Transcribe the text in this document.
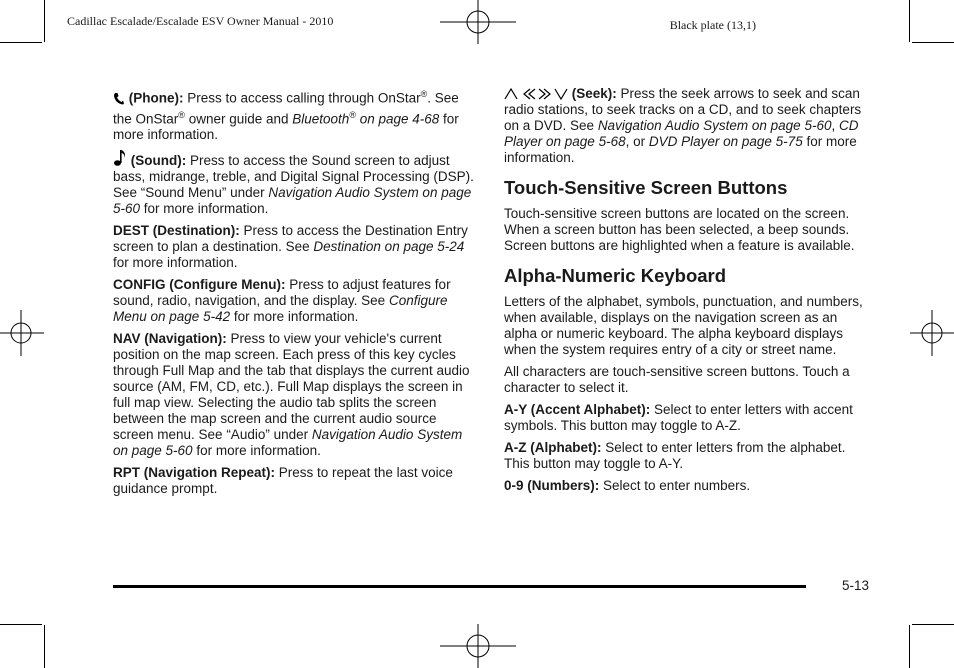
Cadillac Escalade/Escalade ESV Owner Manual - 2010	Black plate (13,1)

(Phone): Press to access calling through OnStar®. See the OnStar® owner guide and Bluetooth® on page 4-68 for more information.

(Sound): Press to access the Sound screen to adjust bass, midrange, treble, and Digital Signal Processing (DSP). See “Sound Menu” under Navigation Audio System on page 5-60 for more information.

DEST (Destination): Press to access the Destination Entry screen to plan a destination. See Destination on page 5-24 for more information.

CONFIG (Configure Menu): Press to adjust features for sound, radio, navigation, and the display. See Configure Menu on page 5-42 for more information.

NAV (Navigation): Press to view your vehicle's current position on the map screen. Each press of this key cycles through Full Map and the tab that displays the current audio source (AM, FM, CD, etc.). Full Map displays the screen in full map view. Selecting the audio tab splits the screen between the map screen and the current audio source screen menu. See “Audio” under Navigation Audio System on page 5-60 for more information.

RPT (Navigation Repeat): Press to repeat the last voice guidance prompt.

(Seek): Press the seek arrows to seek and scan radio stations, to seek tracks on a CD, and to seek chapters on a DVD. See Navigation Audio System on page 5-60, CD Player on page 5-68, or DVD Player on page 5-75 for more information.

Touch-Sensitive Screen Buttons

Touch-sensitive screen buttons are located on the screen. When a screen button has been selected, a beep sounds. Screen buttons are highlighted when a feature is available.

Alpha-Numeric Keyboard

Letters of the alphabet, symbols, punctuation, and numbers, when available, displays on the navigation screen as an alpha or numeric keyboard. The alpha keyboard displays when the system requires entry of a city or street name.

All characters are touch-sensitive screen buttons. Touch a character to select it.

A-Y (Accent Alphabet): Select to enter letters with accent symbols. This button may toggle to A-Z.

A-Z (Alphabet): Select to enter letters from the alphabet. This button may toggle to A-Y.

0-9 (Numbers): Select to enter numbers.

5-13
